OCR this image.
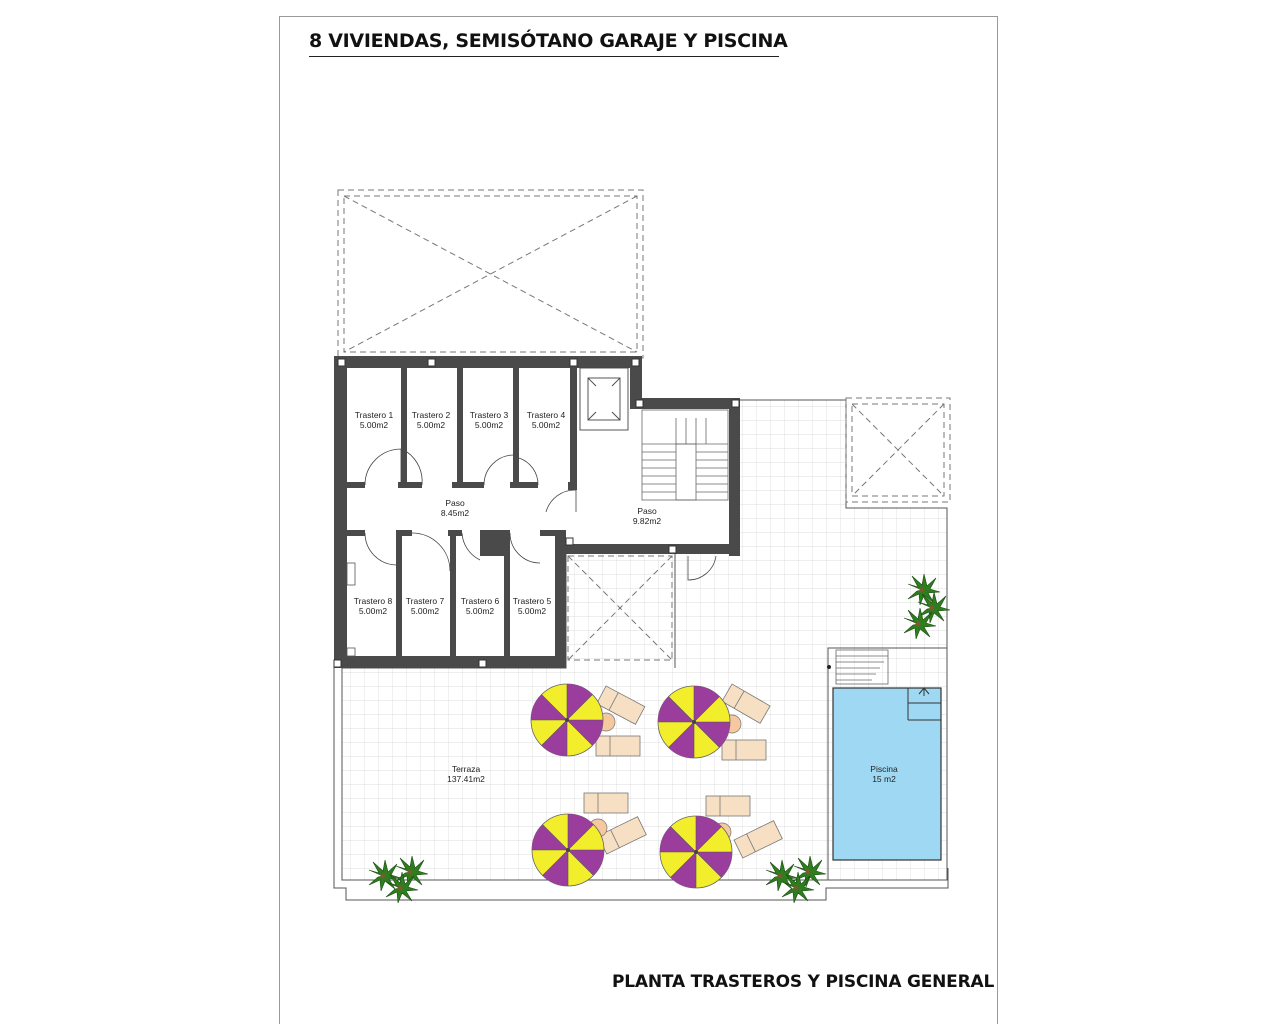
8 VIVIENDAS, SEMISÓTANO GARAJE Y PISCINA
PLANTA TRASTEROS Y PISCINA GENERAL
Trastero 1
5.00m2
Trastero 2
5.00m2
Trastero 3
5.00m2
Trastero 4
5.00m2
Paso
8.45m2	Paso
9.82m2
Trastero 8
5.00m2
Trastero 7
5.00m2
Trastero 6
5.00m2
Trastero 5
5.00m2
Terraza
137.41m2
Piscina
15 m2
